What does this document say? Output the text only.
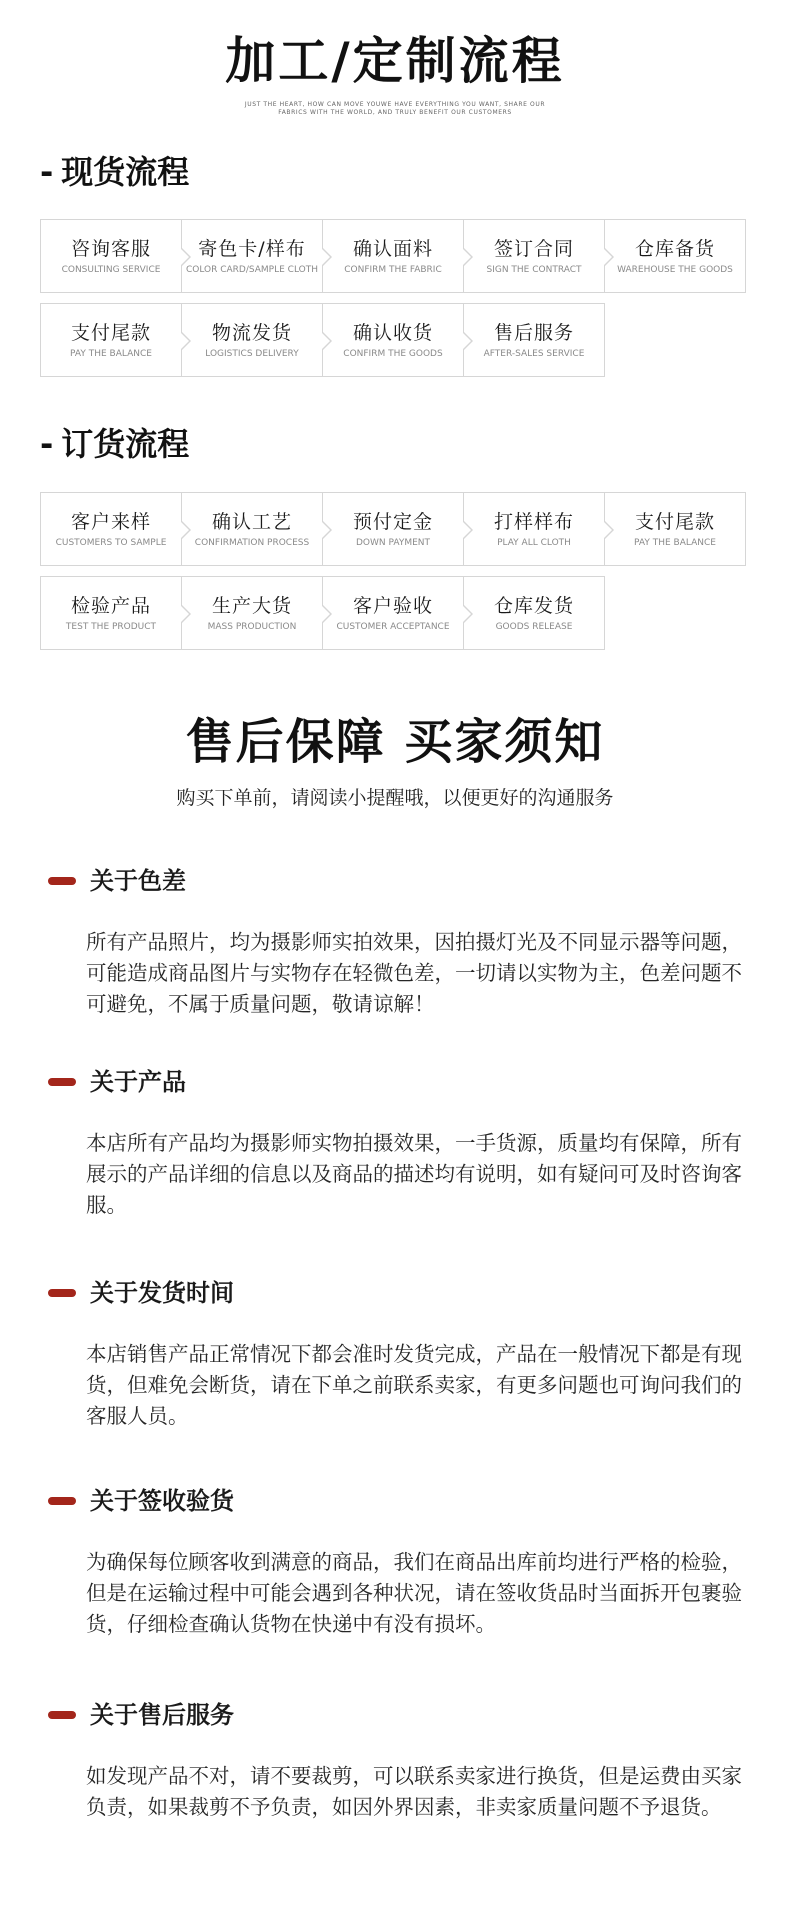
加工/定制流程
JUST THE HEART, HOW CAN MOVE YOUWE HAVE EVERYTHING YOU WANT, SHARE OUR
FABRICS WITH THE WORLD, AND TRULY BENEFIT OUR CUSTOMERS
- 现货流程
咨询客服
CONSULTING SERVICE
寄色卡/样布
COLOR CARD/SAMPLE CLOTH
确认面料
CONFIRM THE FABRIC
签订合同
SIGN THE CONTRACT
仓库备货
WAREHOUSE THE GOODS
支付尾款
PAY THE BALANCE
物流发货
LOGISTICS DELIVERY
确认收货
CONFIRM THE GOODS
售后服务
AFTER-SALES SERVICE
- 订货流程
客户来样
CUSTOMERS TO SAMPLE
确认工艺
CONFIRMATION PROCESS
预付定金
DOWN PAYMENT
打样样布
PLAY ALL CLOTH
支付尾款
PAY THE BALANCE
检验产品
TEST THE PRODUCT
生产大货
MASS PRODUCTION
客户验收
CUSTOMER ACCEPTANCE
仓库发货
GOODS RELEASE
售后保障 买家须知
购买下单前，请阅读小提醒哦，以便更好的沟通服务
关于色差
所有产品照片，均为摄影师实拍效果，因拍摄灯光及不同显示器等问题，可能造成商品图片与实物存在轻微色差，一切请以实物为主，色差问题不可避免，不属于质量问题，敬请谅解！
关于产品
本店所有产品均为摄影师实物拍摄效果，一手货源，质量均有保障，所有展示的产品详细的信息以及商品的描述均有说明，如有疑问可及时咨询客服。
关于发货时间
本店销售产品正常情况下都会准时发货完成，产品在一般情况下都是有现货，但难免会断货，请在下单之前联系卖家，有更多问题也可询问我们的客服人员。
关于签收验货
为确保每位顾客收到满意的商品，我们在商品出库前均进行严格的检验，但是在运输过程中可能会遇到各种状况，请在签收货品时当面拆开包裹验货，仔细检查确认货物在快递中有没有损坏。
关于售后服务
如发现产品不对，请不要裁剪，可以联系卖家进行换货，但是运费由买家负责，如果裁剪不予负责，如因外界因素，非卖家质量问题不予退货。
